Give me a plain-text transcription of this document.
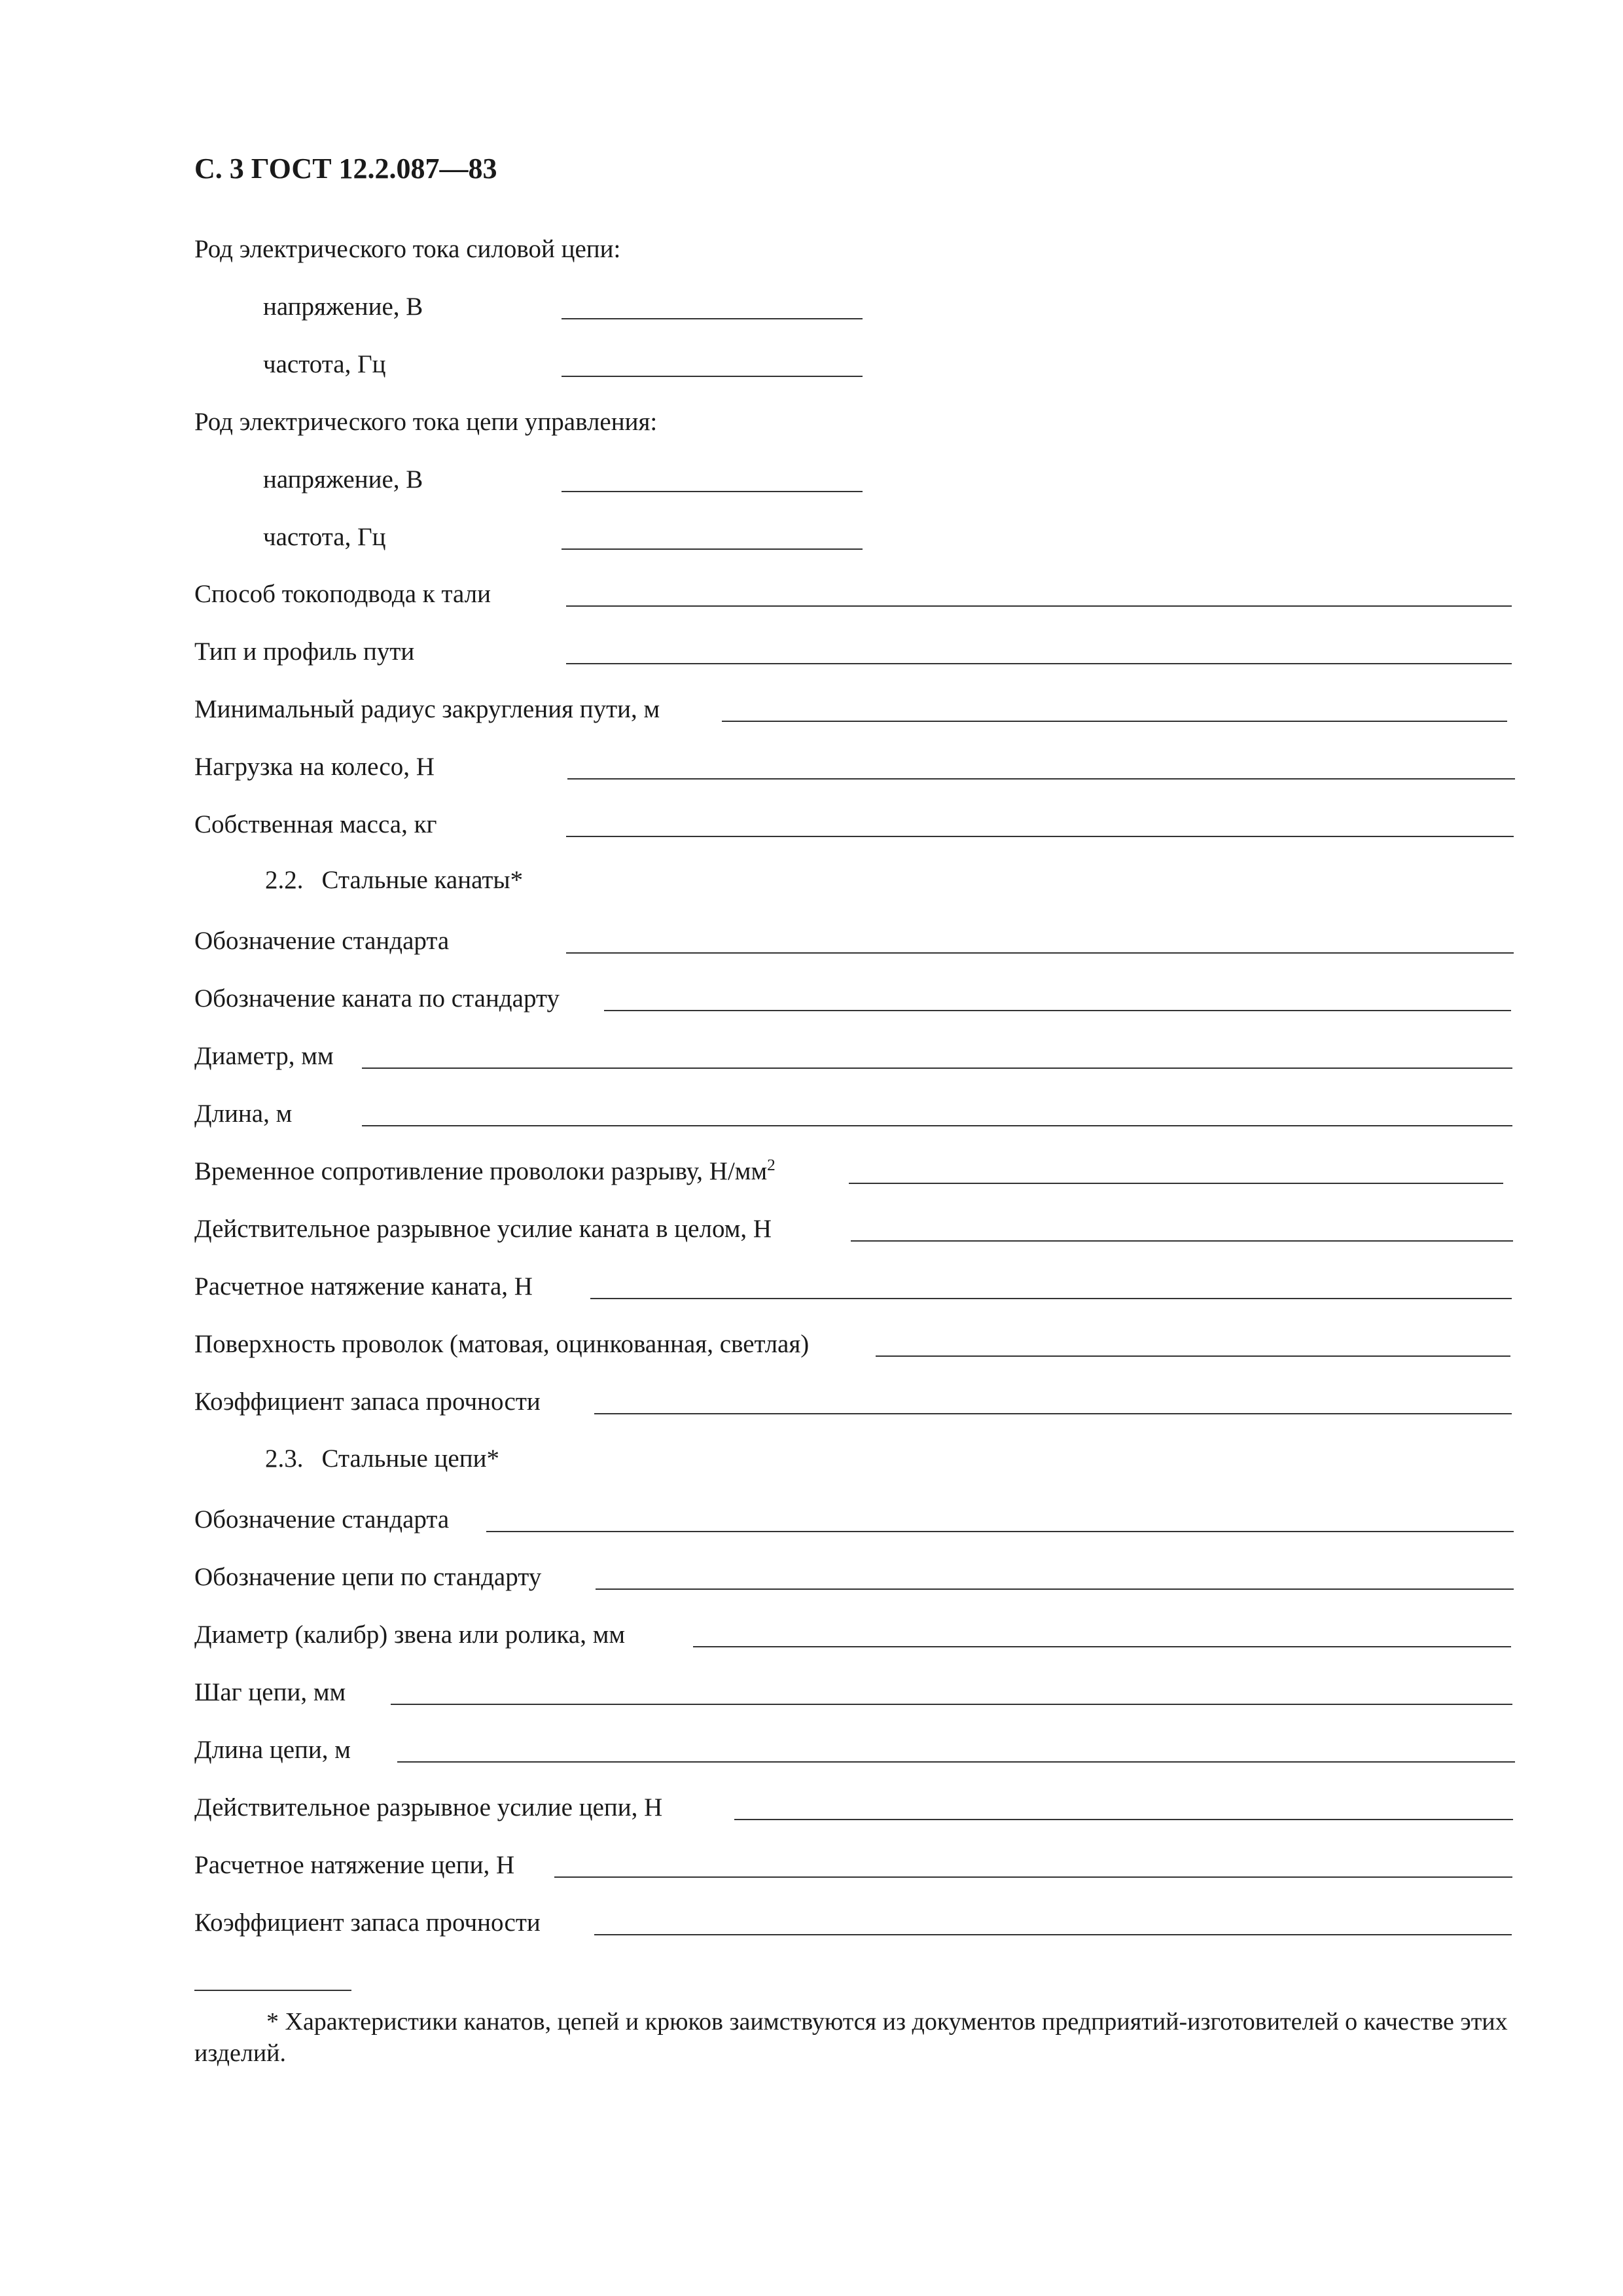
С. 3 ГОСТ 12.2.087—83
Род электрического тока силовой цепи:
напряжение, В
частота, Гц
Род электрического тока цепи управления:
напряжение, В
частота, Гц
Способ токоподвода к тали
Тип и профиль пути
Минимальный радиус закругления пути, м
Нагрузка на колесо, Н
Собственная масса, кг
2.2. Стальные канаты*
Обозначение стандарта
Обозначение каната по стандарту
Диаметр, мм
Длина, м
Временное сопротивление проволоки разрыву, $Н/мм^2$
Действительное разрывное усилие каната в целом, Н
Расчетное натяжение каната, Н
Поверхность проволок (матовая, оцинкованная, светлая)
Коэффициент запаса прочности
2.3. Стальные цепи*
Обозначение стандарта
Обозначение цепи по стандарту
Диаметр (калибр) звена или ролика, мм
Шаг цепи, мм
Длина цепи, м
Действительное разрывное усилие цепи, Н
Расчетное натяжение цепи, Н
Коэффициент запаса прочности
* Характеристики канатов, цепей и крюков заимствуются из документов предприятий-изготовителей о качестве этих изделий.
